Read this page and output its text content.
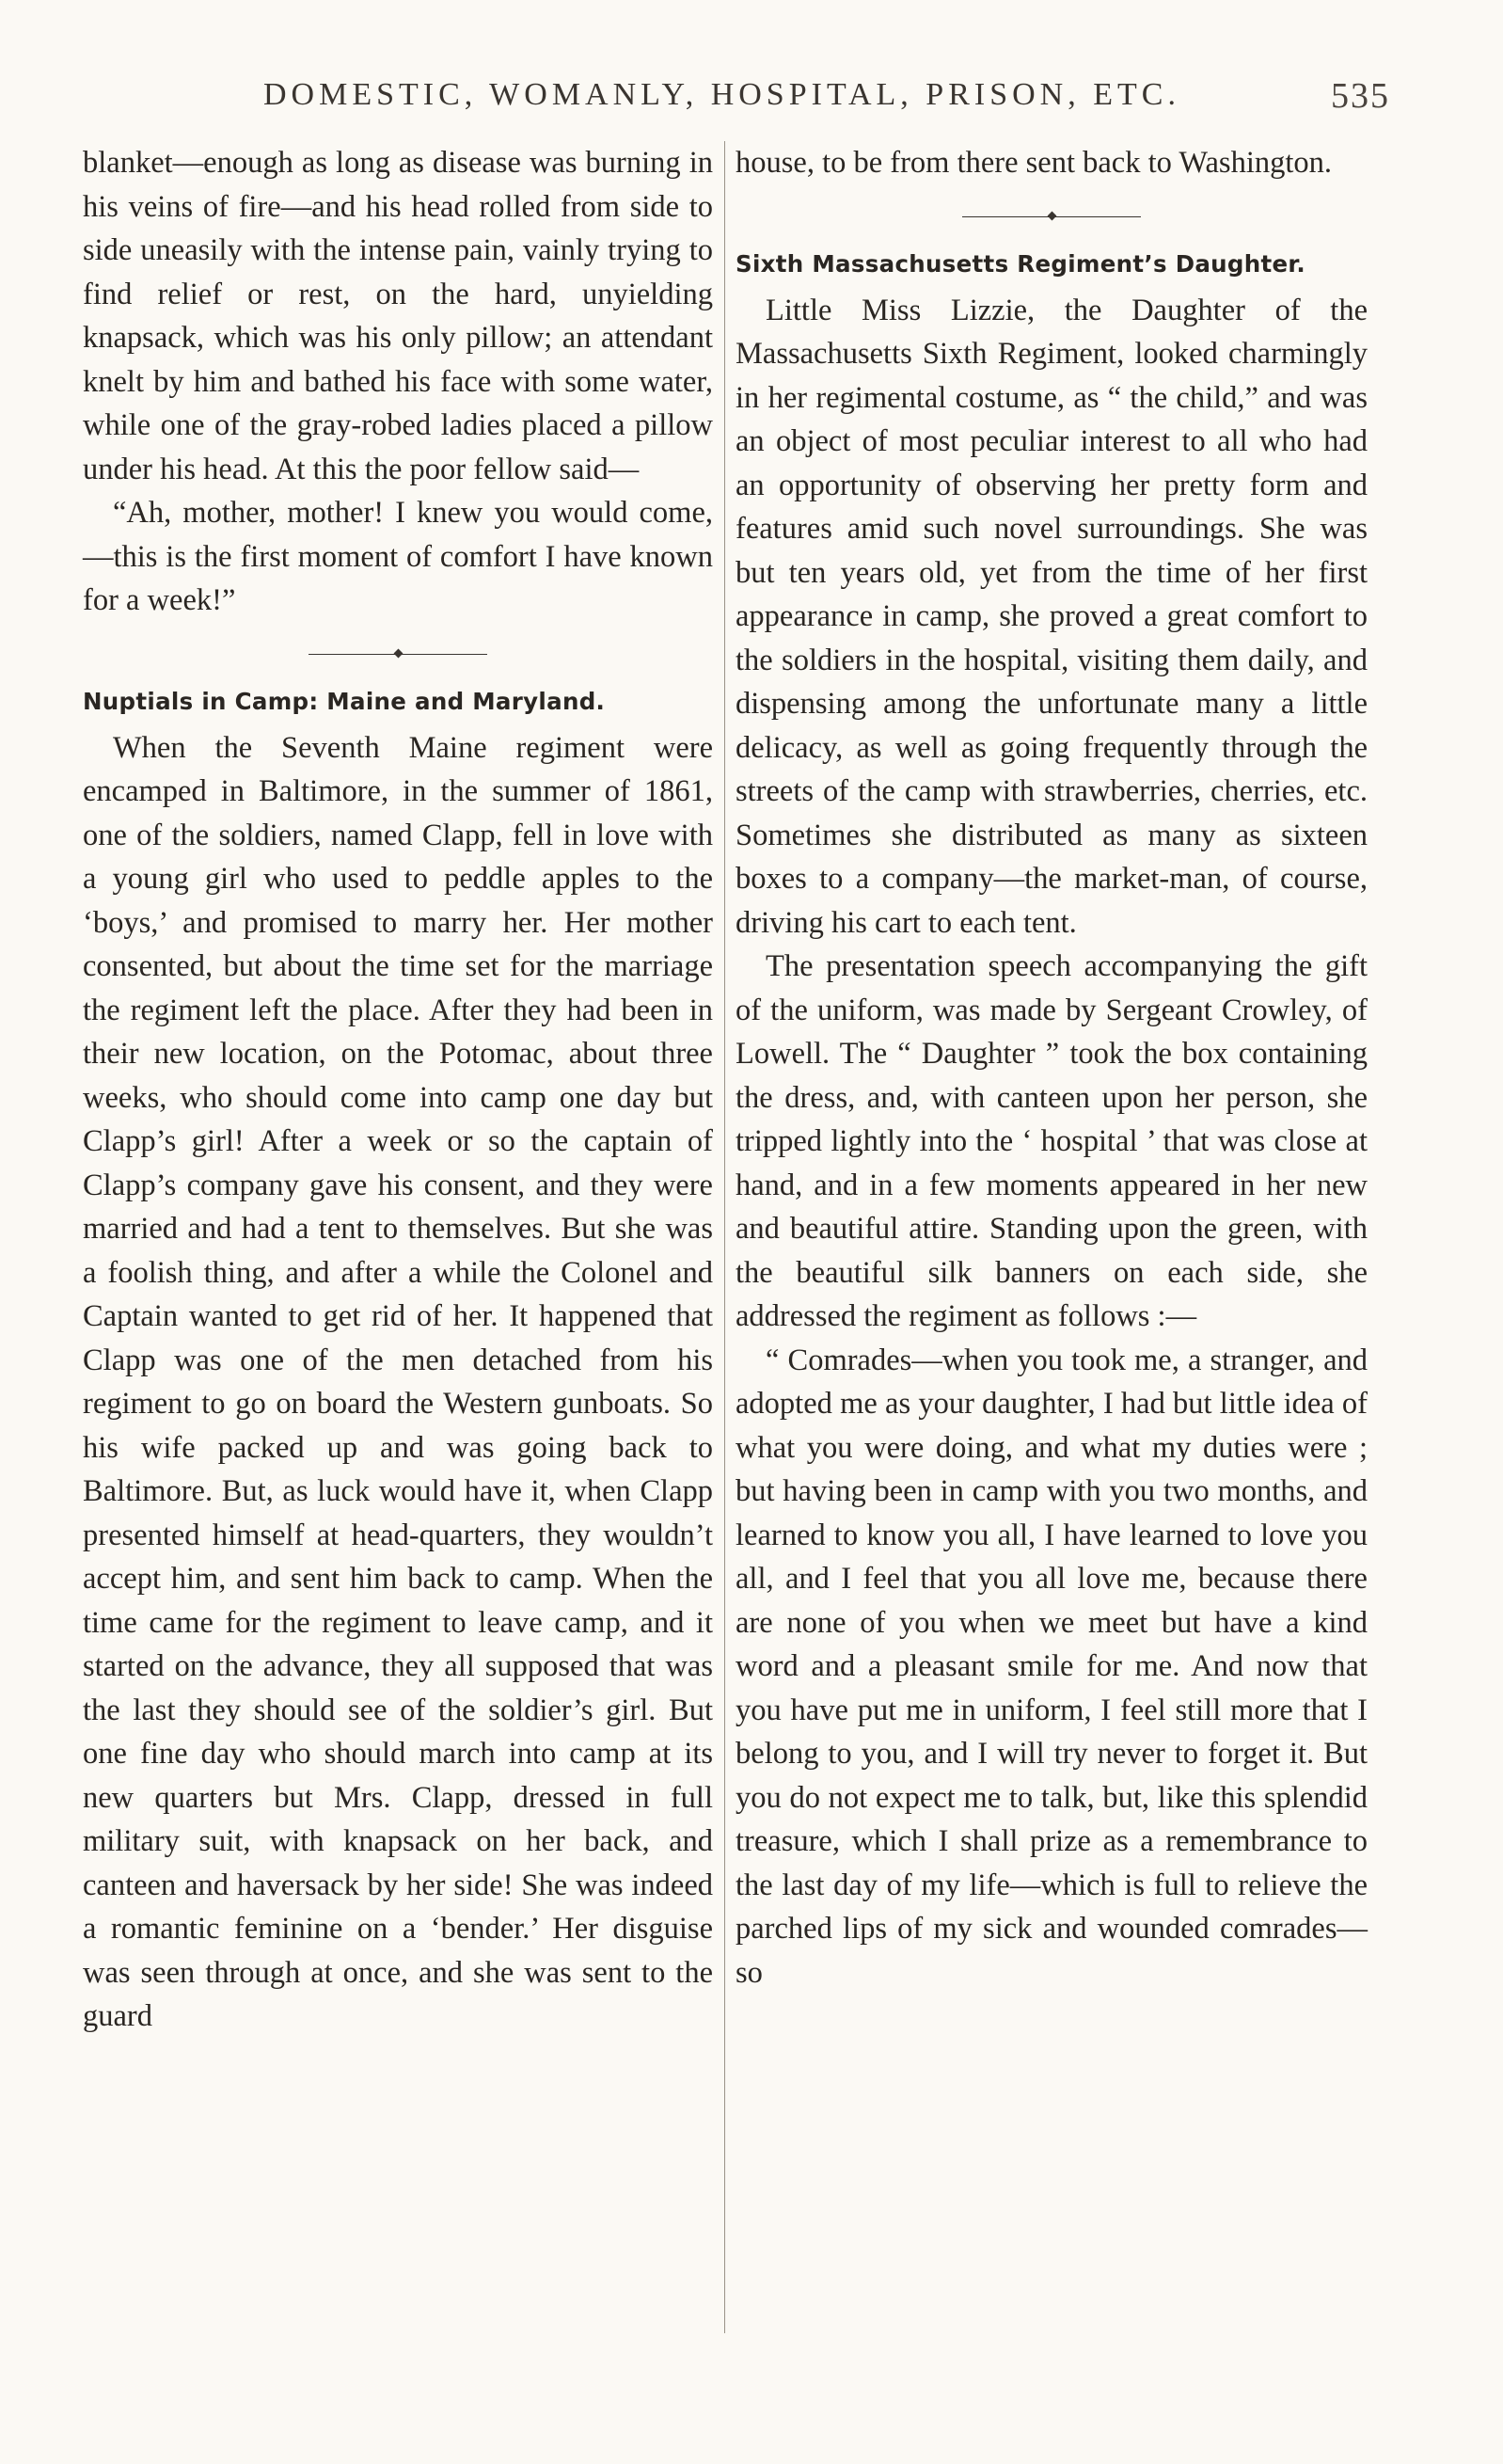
DOMESTIC, WOMANLY, HOSPITAL, PRISON, ETC.	535

blanket—enough as long as disease was burning in his veins of fire—and his head rolled from side to side uneasily with the intense pain, vainly trying to find relief or rest, on the hard, unyielding knapsack, which was his only pillow; an attendant knelt by him and bathed his face with some water, while one of the gray-robed ladies placed a pillow under his head. At this the poor fellow said—

“Ah, mother, mother! I knew you would come,—this is the first moment of comfort I have known for a week!”

Nuptials in Camp: Maine and Maryland.

When the Seventh Maine regiment were encamped in Baltimore, in the summer of 1861, one of the soldiers, named Clapp, fell in love with a young girl who used to peddle apples to the ‘boys,’ and promised to marry her. Her mother consented, but about the time set for the marriage the regiment left the place. After they had been in their new location, on the Potomac, about three weeks, who should come into camp one day but Clapp’s girl! After a week or so the captain of Clapp’s company gave his consent, and they were married and had a tent to themselves. But she was a foolish thing, and after a while the Colonel and Captain wanted to get rid of her. It happened that Clapp was one of the men detached from his regiment to go on board the Western gunboats. So his wife packed up and was going back to Baltimore. But, as luck would have it, when Clapp presented himself at head-quarters, they wouldn’t accept him, and sent him back to camp. When the time came for the regiment to leave camp, and it started on the advance, they all supposed that was the last they should see of the soldier’s girl. But one fine day who should march into camp at its new quarters but Mrs. Clapp, dressed in full military suit, with knapsack on her back, and canteen and haversack by her side! She was indeed a romantic feminine on a ‘bender.’ Her disguise was seen through at once, and she was sent to the guard

house, to be from there sent back to Washington.

Sixth Massachusetts Regiment’s Daughter.

Little Miss Lizzie, the Daughter of the Massachusetts Sixth Regiment, looked charmingly in her regimental costume, as “ the child,” and was an object of most peculiar interest to all who had an opportunity of observing her pretty form and features amid such novel surroundings. She was but ten years old, yet from the time of her first appearance in camp, she proved a great comfort to the soldiers in the hospital, visiting them daily, and dispensing among the unfortunate many a little delicacy, as well as going frequently through the streets of the camp with strawberries, cherries, etc. Sometimes she distributed as many as sixteen boxes to a company—the market-man, of course, driving his cart to each tent.

The presentation speech accompanying the gift of the uniform, was made by Sergeant Crowley, of Lowell. The “ Daughter ” took the box containing the dress, and, with canteen upon her person, she tripped lightly into the ‘ hospital ’ that was close at hand, and in a few moments appeared in her new and beautiful attire. Standing upon the green, with the beautiful silk banners on each side, she addressed the regiment as follows :—

“ Comrades—when you took me, a stranger, and adopted me as your daughter, I had but little idea of what you were doing, and what my duties were ; but having been in camp with you two months, and learned to know you all, I have learned to love you all, and I feel that you all love me, because there are none of you when we meet but have a kind word and a pleasant smile for me. And now that you have put me in uniform, I feel still more that I belong to you, and I will try never to forget it. But you do not expect me to talk, but, like this splendid treasure, which I shall prize as a remembrance to the last day of my life—which is full to relieve the parched lips of my sick and wounded comrades—so
